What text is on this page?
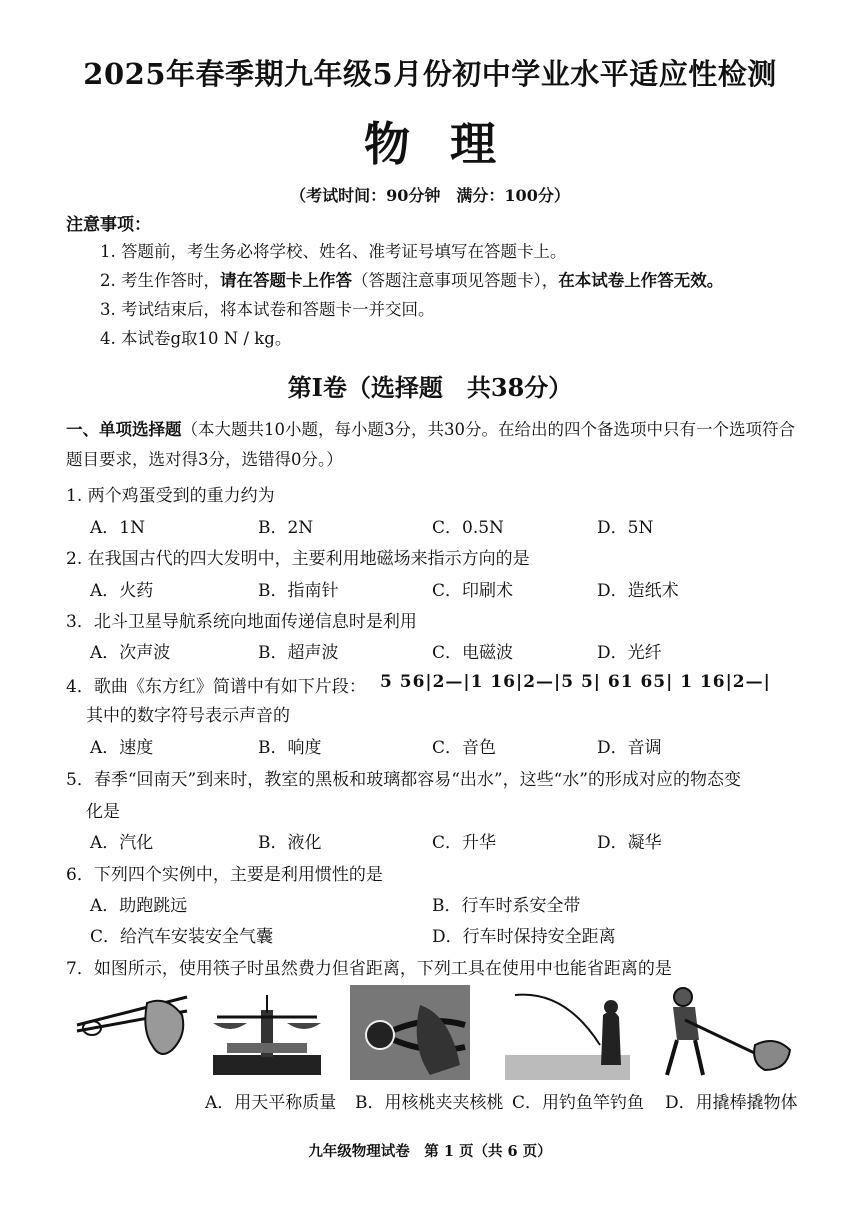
2025年春季期九年级5月份初中学业水平适应性检测
物理
（考试时间：90分钟　满分：100分）
注意事项：
1. 答题前，考生务必将学校、姓名、准考证号填写在答题卡上。
2. 考生作答时，请在答题卡上作答（答题注意事项见答题卡），在本试卷上作答无效。
3. 考试结束后，将本试卷和答题卡一并交回。
4. 本试卷g取10 N / kg。
第Ⅰ卷（选择题　共38分）
一、单项选择题（本大题共10小题，每小题3分，共30分。在给出的四个备选项中只有一个选项符合题目要求，选对得3分，选错得0分。）
1. 两个鸡蛋受到的重力约为
A．1N	B．2N	C．0.5N	D．5N
2. 在我国古代的四大发明中，主要利用地磁场来指示方向的是
A．火药	B．指南针	C．印刷术	D．造纸术
3．北斗卫星导航系统向地面传递信息时是利用
A．次声波	B．超声波	C．电磁波	D．光纤
4．歌曲《东方红》简谱中有如下片段： 5 56|2—|1 16|2—|5 5| 61 65| 1 16|2—|
其中的数字符号表示声音的
A．速度	B．响度	C．音色	D．音调
5．春季“回南天”到来时，教室的黑板和玻璃都容易“出水”，这些“水”的形成对应的物态变
化是
A．汽化	B．液化	C．升华	D．凝华
6．下列四个实例中，主要是利用惯性的是
A．助跑跳远	B．行车时系安全带
C．给汽车安装安全气囊	D．行车时保持安全距离
7．如图所示，使用筷子时虽然费力但省距离，下列工具在使用中也能省距离的是
A．用天平称质量 B．用核桃夹夹核桃 C．用钓鱼竿钓鱼 D．用撬棒撬物体
九年级物理试卷　第 1 页（共 6 页）
